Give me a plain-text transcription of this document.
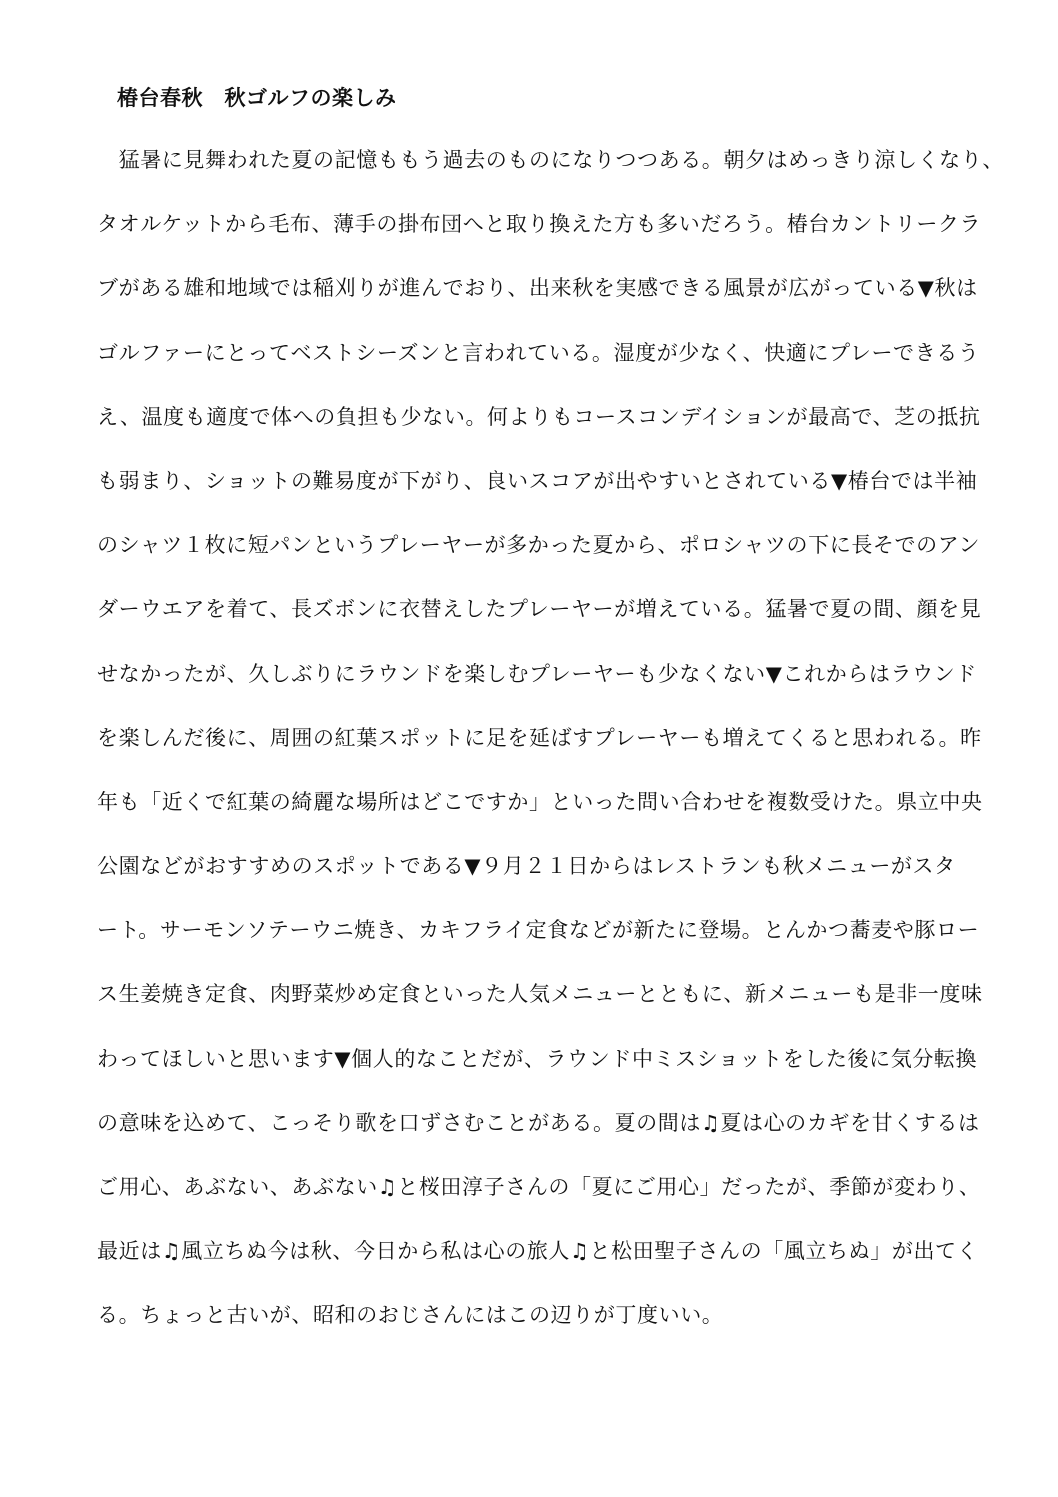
椿台春秋　秋ゴルフの楽しみ
　猛暑に見舞われた夏の記憶ももう過去のものになりつつある。朝夕はめっきり涼しくなり、
タオルケットから毛布、薄手の掛布団へと取り換えた方も多いだろう。椿台カントリークラ
ブがある雄和地域では稲刈りが進んでおり、出来秋を実感できる風景が広がっている▼秋は
ゴルファーにとってベストシーズンと言われている。湿度が少なく、快適にプレーできるう
え、温度も適度で体への負担も少ない。何よりもコースコンデイションが最高で、芝の抵抗
も弱まり、ショットの難易度が下がり、良いスコアが出やすいとされている▼椿台では半袖
のシャツ１枚に短パンというプレーヤーが多かった夏から、ポロシャツの下に長そでのアン
ダーウエアを着て、長ズボンに衣替えしたプレーヤーが増えている。猛暑で夏の間、顔を見
せなかったが、久しぶりにラウンドを楽しむプレーヤーも少なくない▼これからはラウンド
を楽しんだ後に、周囲の紅葉スポットに足を延ばすプレーヤーも増えてくると思われる。昨
年も「近くで紅葉の綺麗な場所はどこですか」といった問い合わせを複数受けた。県立中央
公園などがおすすめのスポットである▼９月２１日からはレストランも秋メニューがスタ
ート。サーモンソテーウニ焼き、カキフライ定食などが新たに登場。とんかつ蕎麦や豚ロー
ス生姜焼き定食、肉野菜炒め定食といった人気メニューとともに、新メニューも是非一度味
わってほしいと思います▼個人的なことだが、ラウンド中ミスショットをした後に気分転換
の意味を込めて、こっそり歌を口ずさむことがある。夏の間は♫夏は心のカギを甘くするは
ご用心、あぶない、あぶない♫と桜田淳子さんの「夏にご用心」だったが、季節が変わり、
最近は♫風立ちぬ今は秋、今日から私は心の旅人♫と松田聖子さんの「風立ちぬ」が出てく
る。ちょっと古いが、昭和のおじさんにはこの辺りが丁度いい。
